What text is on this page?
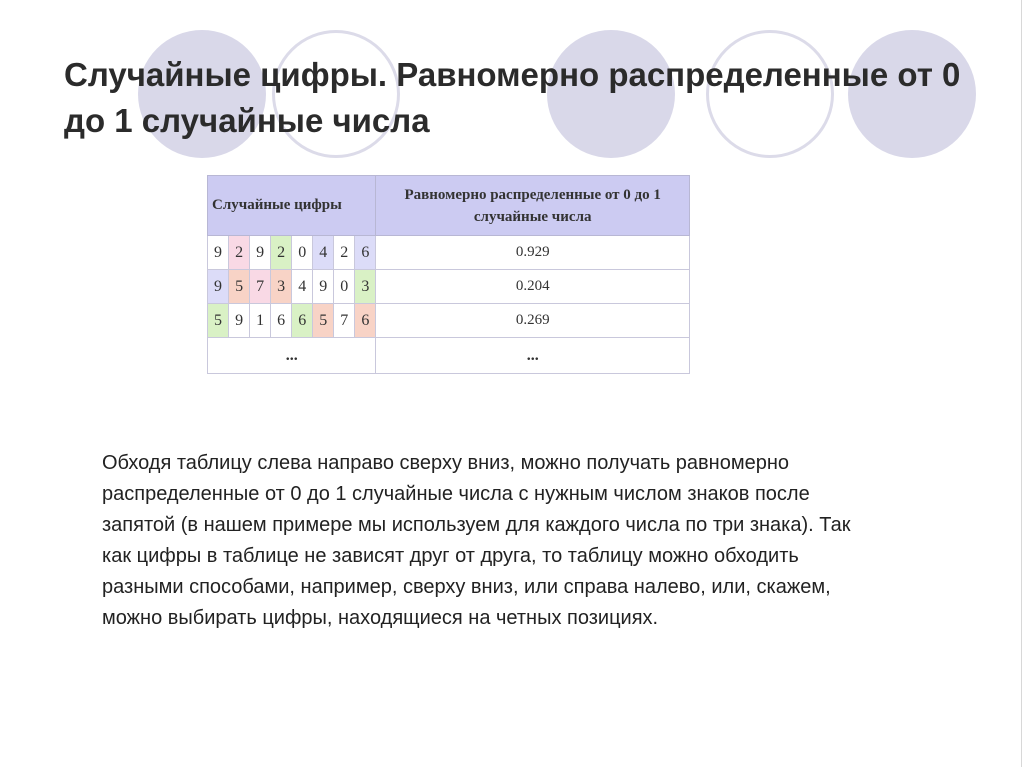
Случайные цифры. Равномерно распределенные от 0 до 1 случайные числа
Случайные цифры								Равномерно распределенные от 0 до 1 случайные числа
9	2	9	2	0	4	2	6	0.929
9	5	7	3	4	9	0	3	0.204
5	9	1	6	6	5	7	6	0.269
...								...

Обходя таблицу слева направо сверху вниз, можно получать равномерно распределенные от 0 до 1 случайные числа с нужным числом знаков после запятой (в нашем примере мы используем для каждого числа по три знака). Так как цифры в таблице не зависят друг от друга, то таблицу можно обходить разными способами, например, сверху вниз, или справа налево, или, скажем, можно выбирать цифры, находящиеся на четных позициях.
